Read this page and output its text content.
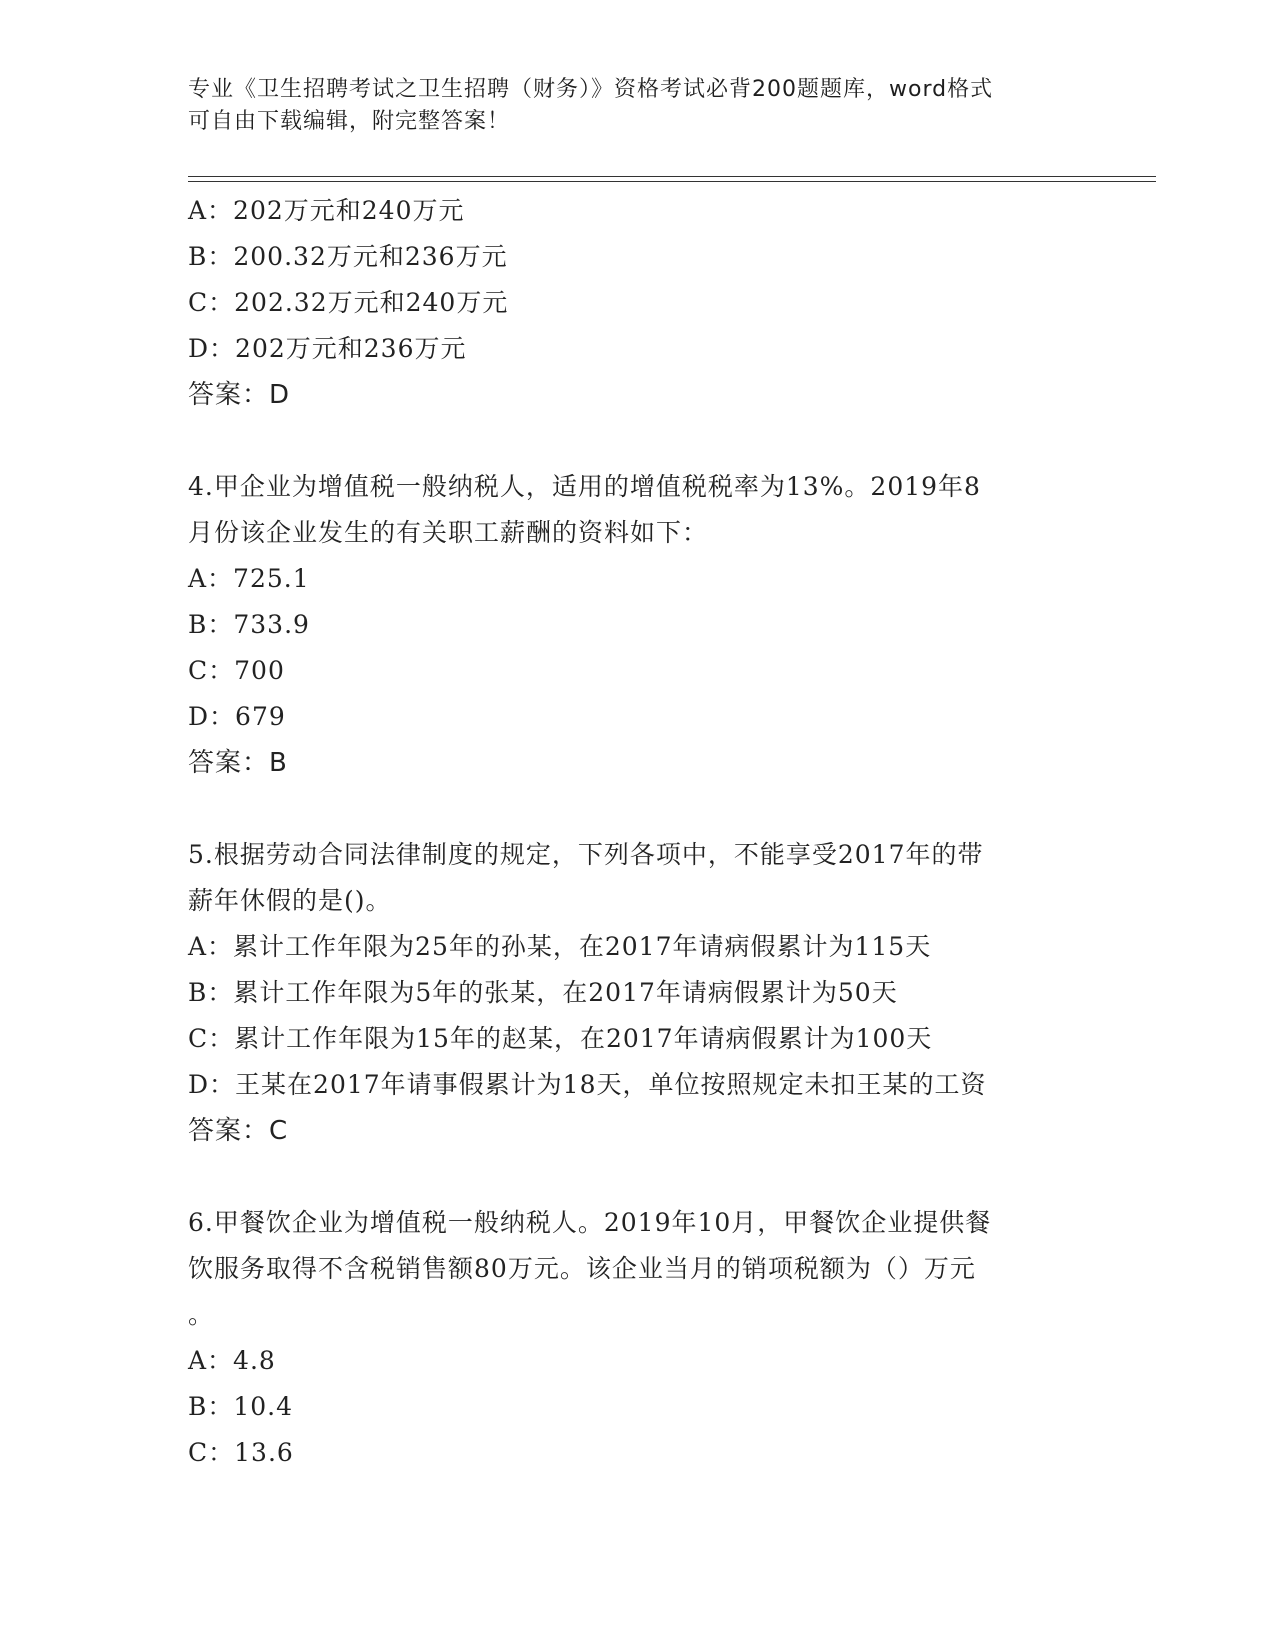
专业《卫生招聘考试之卫生招聘（财务）》资格考试必背200题题库，word格式
可自由下载编辑，附完整答案！
A：202万元和240万元
B：200.32万元和236万元
C：202.32万元和240万元
D：202万元和236万元
答案：D
4.甲企业为增值税一般纳税人，适用的增值税税率为13%。2019年8
月份该企业发生的有关职工薪酬的资料如下：
A：725.1
B：733.9
C：700
D：679
答案：B
5.根据劳动合同法律制度的规定，下列各项中，不能享受2017年的带
薪年休假的是()。
A：累计工作年限为25年的孙某，在2017年请病假累计为115天
B：累计工作年限为5年的张某，在2017年请病假累计为50天
C：累计工作年限为15年的赵某，在2017年请病假累计为100天
D：王某在2017年请事假累计为18天，单位按照规定未扣王某的工资
答案：C
6.甲餐饮企业为增值税一般纳税人。2019年10月，甲餐饮企业提供餐
饮服务取得不含税销售额80万元。该企业当月的销项税额为（）万元
。
A：4.8
B：10.4
C：13.6
